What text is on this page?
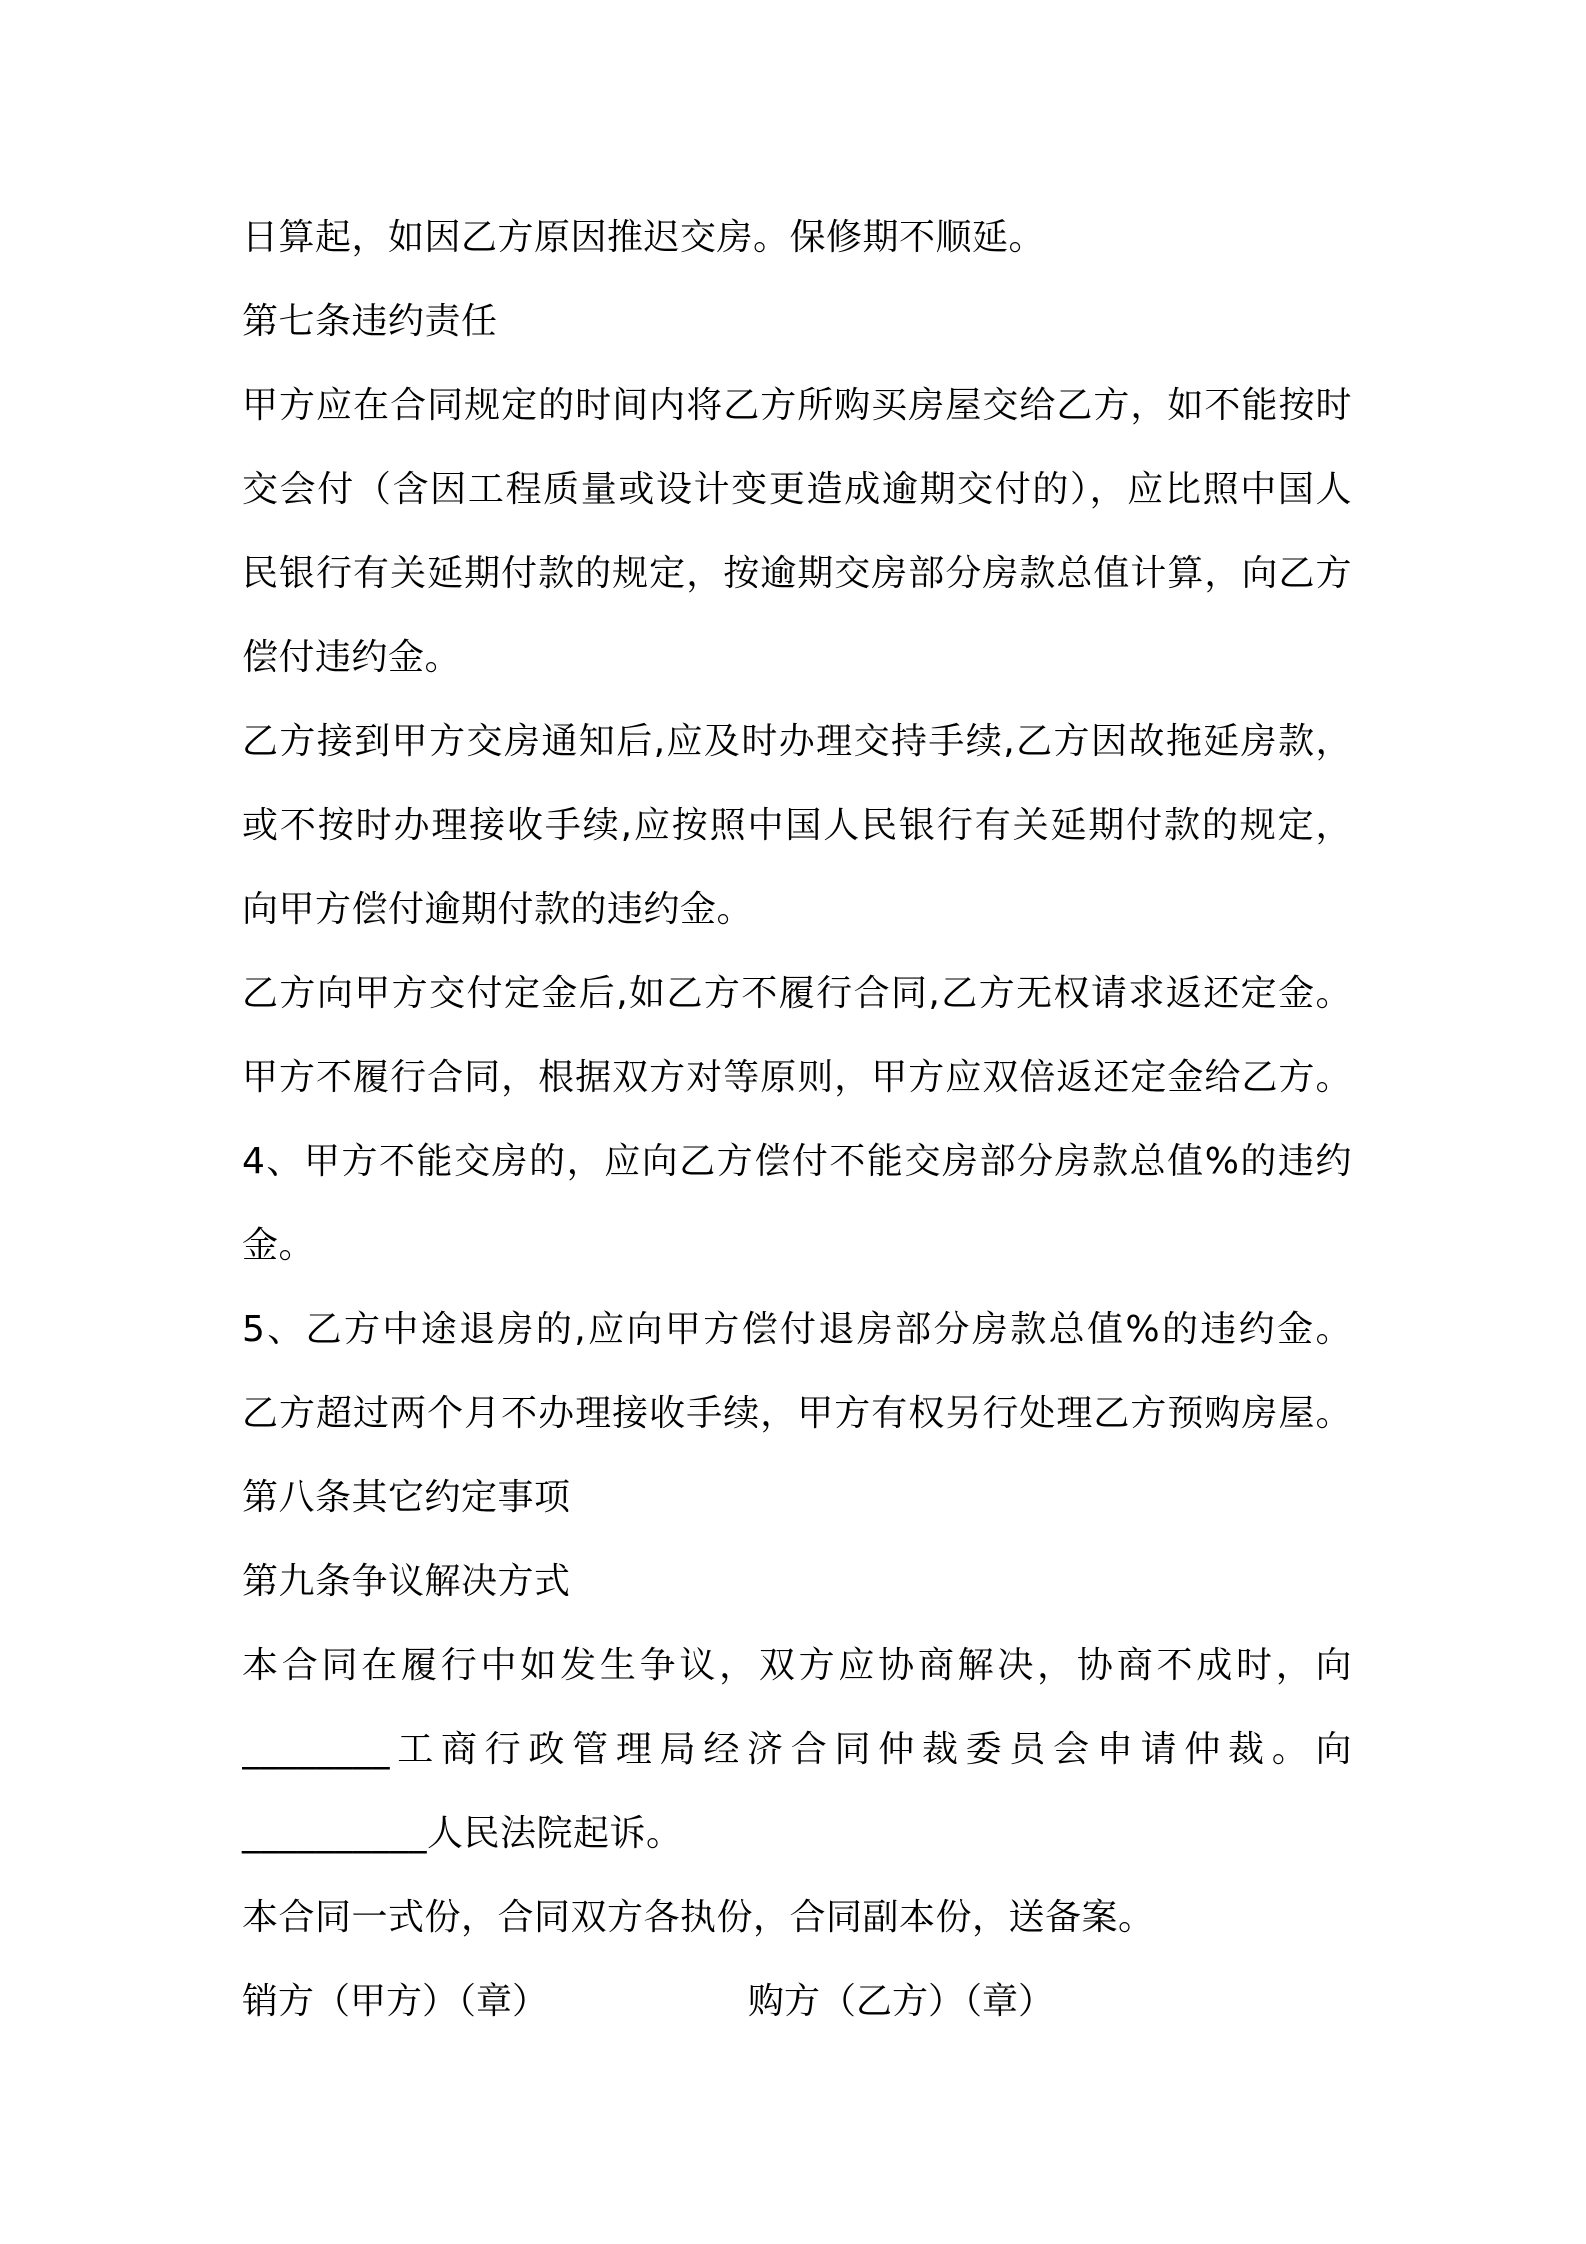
日算起，如因乙方原因推迟交房。保修期不顺延。
第七条违约责任
甲方应在合同规定的时间内将乙方所购买房屋交给乙方，如不能按时
交会付（含因工程质量或设计变更造成逾期交付的），应比照中国人
民银行有关延期付款的规定，按逾期交房部分房款总值计算，向乙方
偿付违约金。
乙方接到甲方交房通知后,应及时办理交持手续,乙方因故拖延房款，
或不按时办理接收手续,应按照中国人民银行有关延期付款的规定，
向甲方偿付逾期付款的违约金。
乙方向甲方交付定金后,如乙方不履行合同,乙方无权请求返还定金。
甲方不履行合同，根据双方对等原则，甲方应双倍返还定金给乙方。
4、甲方不能交房的，应向乙方偿付不能交房部分房款总值%的违约
金。
5、乙方中途退房的,应向甲方偿付退房部分房款总值%的违约金。
乙方超过两个月不办理接收手续，甲方有权另行处理乙方预购房屋。
第八条其它约定事项
第九条争议解决方式
本合同在履行中如发生争议，双方应协商解决，协商不成时，向
________工商行政管理局经济合同仲裁委员会申请仲裁。向
__________人民法院起诉。
本合同一式份，合同双方各执份，合同副本份，送备案。
销方（甲方）（章）	购方（乙方）（章）
